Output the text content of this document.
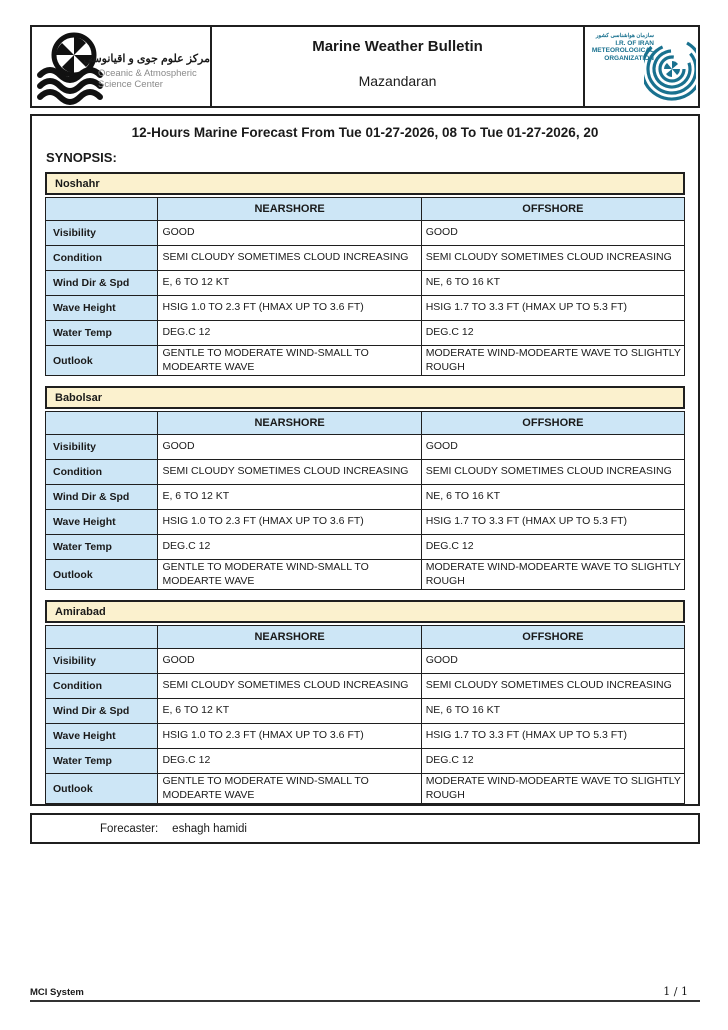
مرکز علوم جوی و اقیانوسی
Oceanic & Atmospheric
Science Center
Marine Weather Bulletin
Mazandaran
سازمان هواشناسی کشور
I.R. OF IRAN
METEOROLOGICAL
ORGANIZATION
12-Hours Marine Forecast From Tue 01-27-2026, 08 To Tue 01-27-2026, 20
SYNOPSIS:
Noshahr
	NEARSHORE	OFFSHORE
Visibility	GOOD	GOOD
Condition	SEMI CLOUDY SOMETIMES CLOUD INCREASING	SEMI CLOUDY SOMETIMES CLOUD INCREASING
Wind Dir & Spd	E, 6 TO 12 KT	NE, 6 TO 16 KT
Wave Height	HSIG 1.0 TO 2.3 FT (HMAX UP TO 3.6 FT)	HSIG 1.7 TO 3.3 FT (HMAX UP TO 5.3 FT)
Water Temp	DEG.C 12	DEG.C 12
Outlook	GENTLE TO MODERATE WIND-SMALL TO MODEARTE WAVE	MODERATE WIND-MODEARTE WAVE TO SLIGHTLY ROUGH
Babolsar
	NEARSHORE	OFFSHORE
Visibility	GOOD	GOOD
Condition	SEMI CLOUDY SOMETIMES CLOUD INCREASING	SEMI CLOUDY SOMETIMES CLOUD INCREASING
Wind Dir & Spd	E, 6 TO 12 KT	NE, 6 TO 16 KT
Wave Height	HSIG 1.0 TO 2.3 FT (HMAX UP TO 3.6 FT)	HSIG 1.7 TO 3.3 FT (HMAX UP TO 5.3 FT)
Water Temp	DEG.C 12	DEG.C 12
Outlook	GENTLE TO MODERATE WIND-SMALL TO MODEARTE WAVE	MODERATE WIND-MODEARTE WAVE TO SLIGHTLY ROUGH
Amirabad
	NEARSHORE	OFFSHORE
Visibility	GOOD	GOOD
Condition	SEMI CLOUDY SOMETIMES CLOUD INCREASING	SEMI CLOUDY SOMETIMES CLOUD INCREASING
Wind Dir & Spd	E, 6 TO 12 KT	NE, 6 TO 16 KT
Wave Height	HSIG 1.0 TO 2.3 FT (HMAX UP TO 3.6 FT)	HSIG 1.7 TO 3.3 FT (HMAX UP TO 5.3 FT)
Water Temp	DEG.C 12	DEG.C 12
Outlook	GENTLE TO MODERATE WIND-SMALL TO MODEARTE WAVE	MODERATE WIND-MODEARTE WAVE TO SLIGHTLY ROUGH
Forecaster: eshagh hamidi
MCI System	1 / 1
